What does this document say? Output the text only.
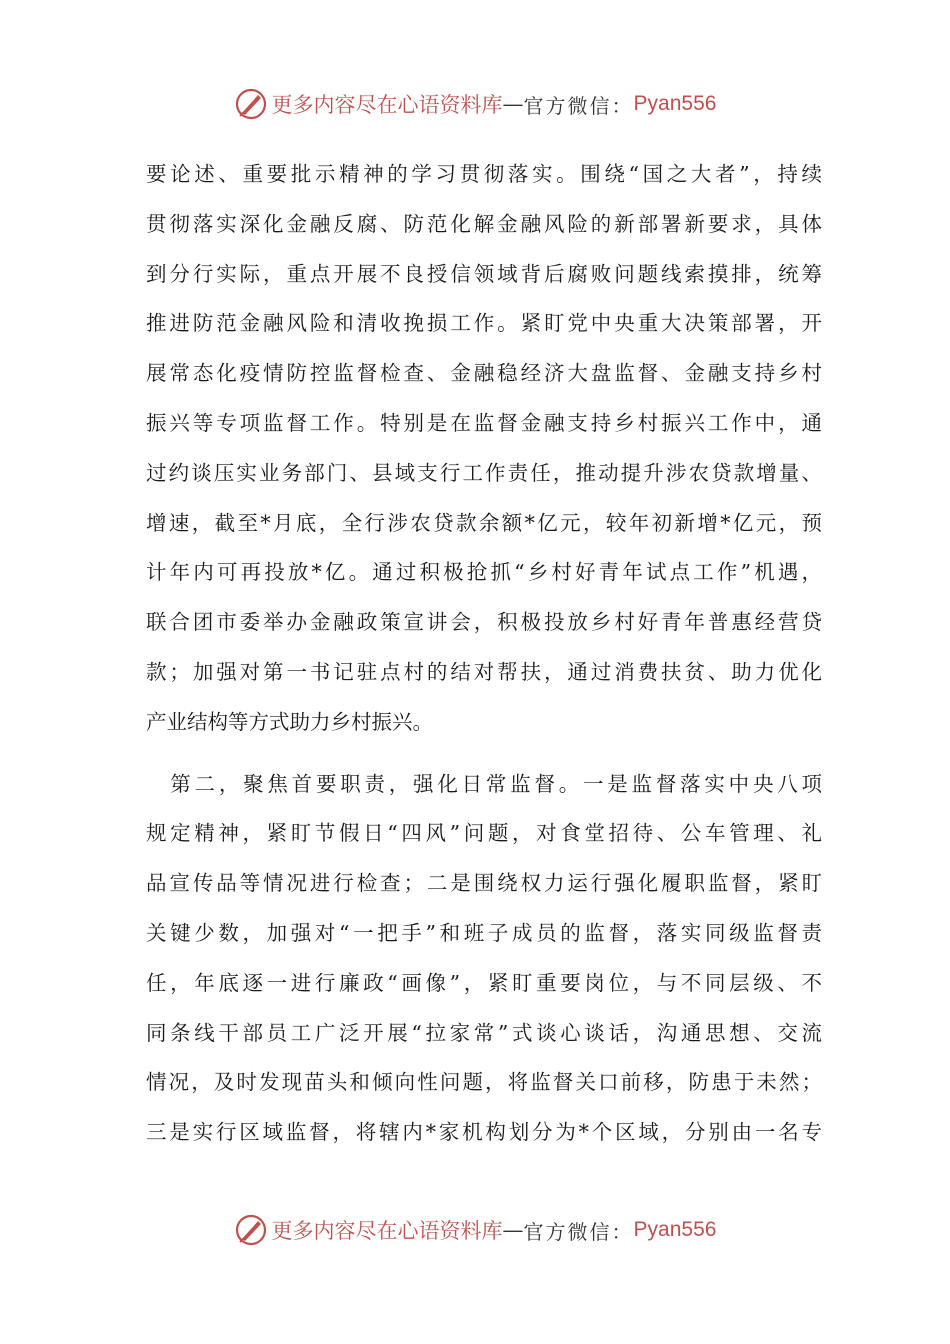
更多内容尽在心语资料库 — 官方微信： Pyan556
要论述、重要批示精神的学习贯彻落实。围绕“国之大者”，持续
贯彻落实深化金融反腐、防范化解金融风险的新部署新要求，具体
到分行实际，重点开展不良授信领域背后腐败问题线索摸排，统筹
推进防范金融风险和清收挽损工作。紧盯党中央重大决策部署，开
展常态化疫情防控监督检查、金融稳经济大盘监督、金融支持乡村
振兴等专项监督工作。特别是在监督金融支持乡村振兴工作中，通
过约谈压实业务部门、县域支行工作责任，推动提升涉农贷款增量、
增速，截至*月底，全行涉农贷款余额*亿元，较年初新增*亿元，预
计年内可再投放*亿。通过积极抢抓“乡村好青年试点工作”机遇，
联合团市委举办金融政策宣讲会，积极投放乡村好青年普惠经营贷
款；加强对第一书记驻点村的结对帮扶，通过消费扶贫、助力优化
产业结构等方式助力乡村振兴。
　第二，聚焦首要职责，强化日常监督。一是监督落实中央八项
规定精神，紧盯节假日“四风”问题，对食堂招待、公车管理、礼
品宣传品等情况进行检查；二是围绕权力运行强化履职监督，紧盯
关键少数，加强对“一把手”和班子成员的监督，落实同级监督责
任，年底逐一进行廉政“画像”，紧盯重要岗位，与不同层级、不
同条线干部员工广泛开展“拉家常”式谈心谈话，沟通思想、交流
情况，及时发现苗头和倾向性问题，将监督关口前移，防患于未然；
三是实行区域监督，将辖内*家机构划分为*个区域，分别由一名专
更多内容尽在心语资料库 — 官方微信： Pyan556
